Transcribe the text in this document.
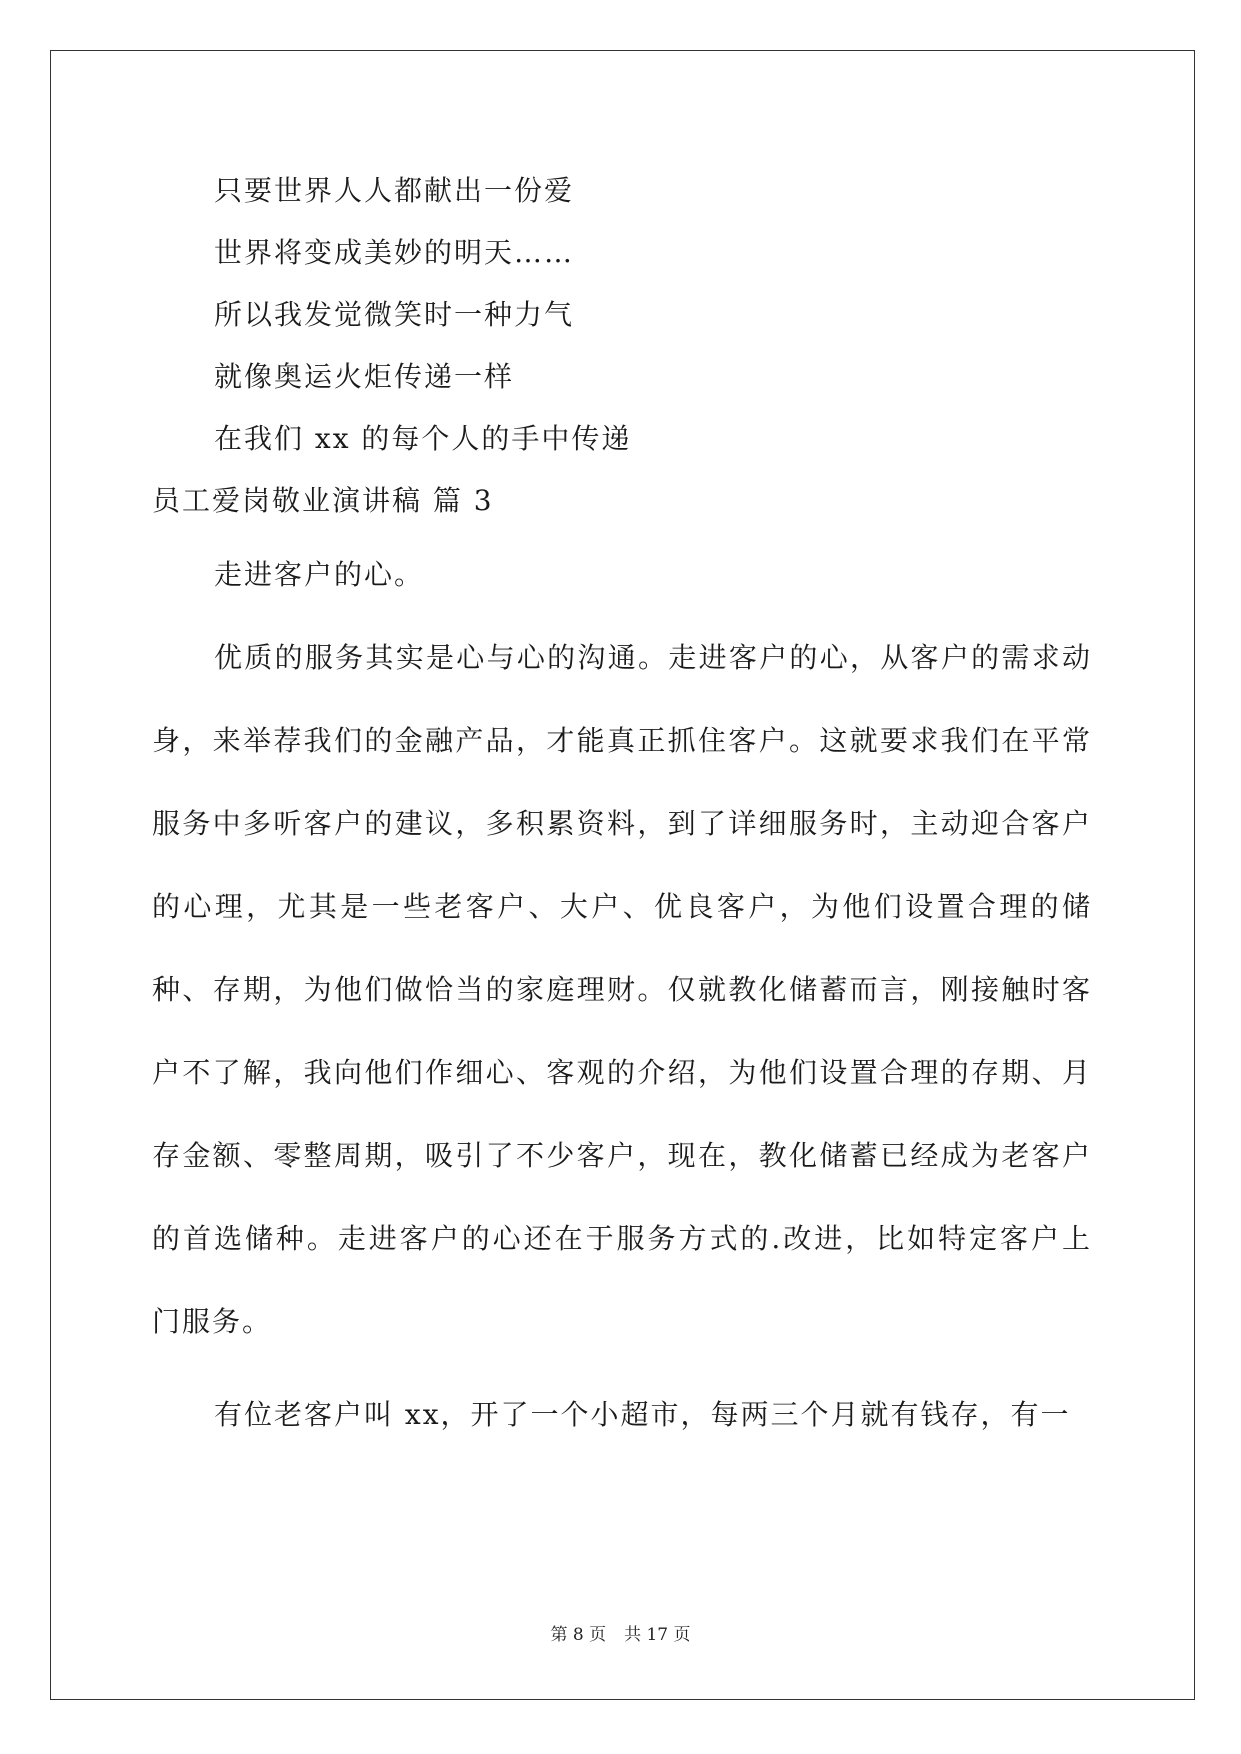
只要世界人人都献出一份爱
世界将变成美妙的明天……
所以我发觉微笑时一种力气
就像奥运火炬传递一样
在我们 xx 的每个人的手中传递
员工爱岗敬业演讲稿 篇 3
走进客户的心。
优质的服务其实是心与心的沟通。走进客户的心，从客户的需求动身，来举荐我们的金融产品，才能真正抓住客户。这就要求我们在平常服务中多听客户的建议，多积累资料，到了详细服务时，主动迎合客户的心理，尤其是一些老客户、大户、优良客户，为他们设置合理的储种、存期，为他们做恰当的家庭理财。仅就教化储蓄而言，刚接触时客户不了解，我向他们作细心、客观的介绍，为他们设置合理的存期、月存金额、零整周期，吸引了不少客户，现在，教化储蓄已经成为老客户的首选储种。走进客户的心还在于服务方式的.改进，比如特定客户上门服务。
有位老客户叫 xx，开了一个小超市，每两三个月就有钱存，有一
第 8 页 共 17 页
